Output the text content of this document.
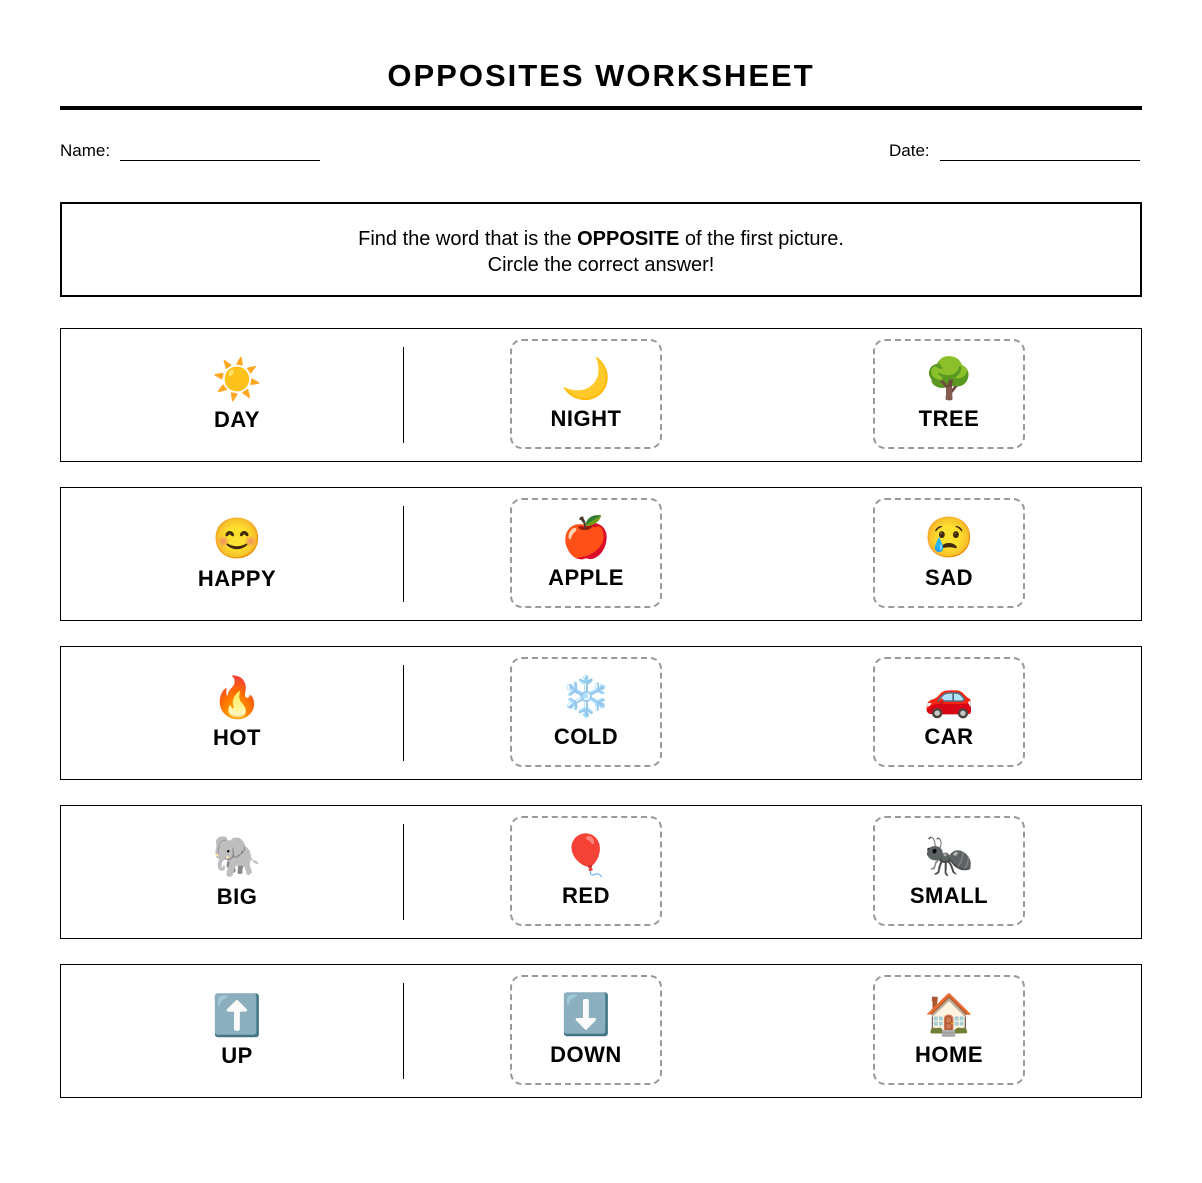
OPPOSITES WORKSHEET
Name:	Date:
Find the word that is the OPPOSITE of the first picture.
Circle the correct answer!
☀️
DAY
🌙
NIGHT
🌳
TREE
😊
HAPPY
🍎
APPLE
😢
SAD
🔥
HOT
❄️
COLD
🚗
CAR
🐘
BIG
🎈
RED
🐜
SMALL
⬆️
UP
⬇️
DOWN
🏠
HOME
